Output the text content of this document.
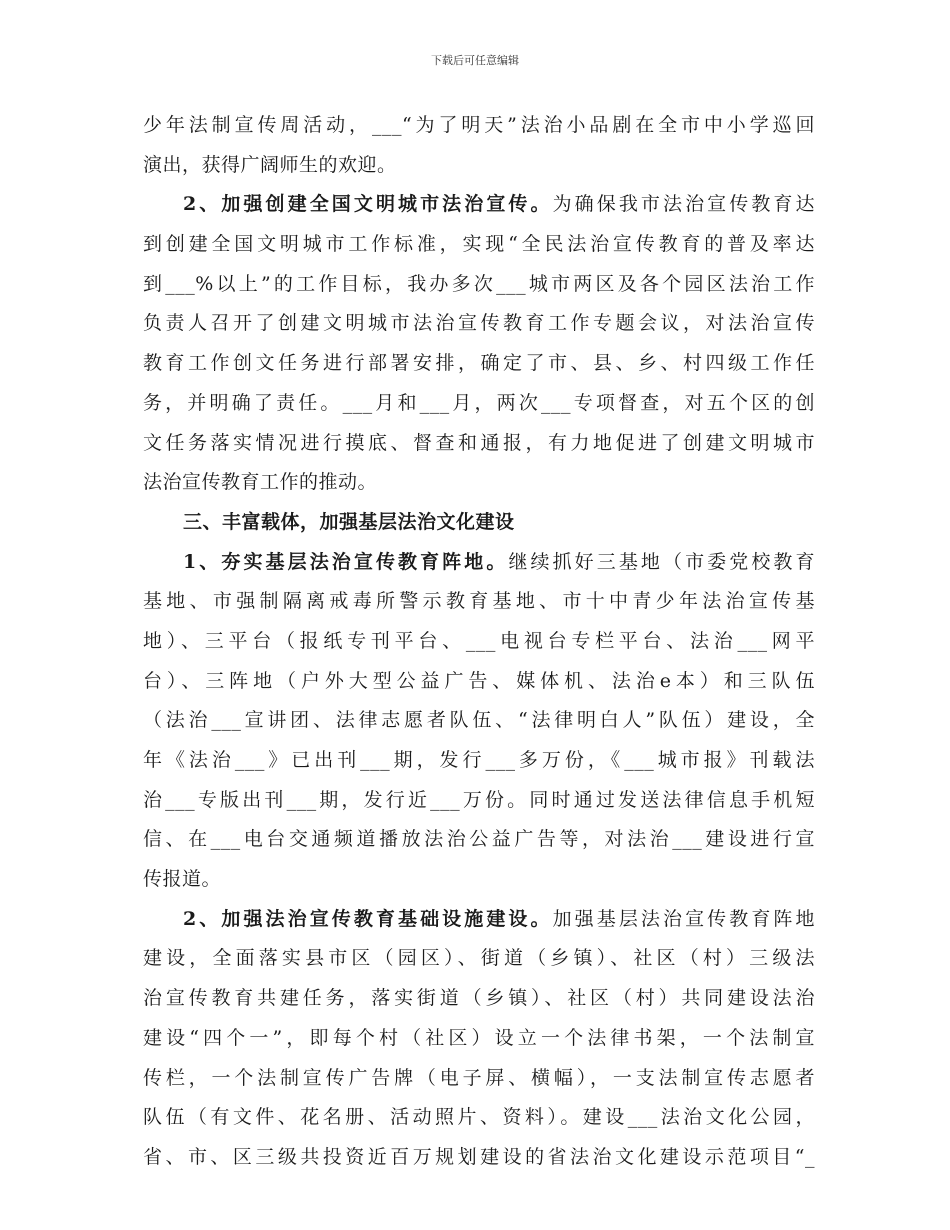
下载后可任意编辑
少年法制宣传周活动，___“为了明天”法治小品剧在全市中小学巡回
演出，获得广阔师生的欢迎。
2、加强创建全国文明城市法治宣传。为确保我市法治宣传教育达
到创建全国文明城市工作标准，实现“全民法治宣传教育的普及率达
到___%以上”的工作目标，我办多次___城市两区及各个园区法治工作
负责人召开了创建文明城市法治宣传教育工作专题会议，对法治宣传
教育工作创文任务进行部署安排，确定了市、县、乡、村四级工作任
务，并明确了责任。___月和___月，两次___专项督查，对五个区的创
文任务落实情况进行摸底、督查和通报，有力地促进了创建文明城市
法治宣传教育工作的推动。
三、丰富载体，加强基层法治文化建设
1、夯实基层法治宣传教育阵地。继续抓好三基地（市委党校教育
基地、市强制隔离戒毒所警示教育基地、市十中青少年法治宣传基
地）、三平台（报纸专刊平台、___电视台专栏平台、法治___网平
台）、三阵地（户外大型公益广告、媒体机、法治e本）和三队伍
（法治___宣讲团、法律志愿者队伍、“法律明白人”队伍）建设，全
年《法治___》已出刊___期，发行___多万份，《___城市报》刊载法
治___专版出刊___期，发行近___万份。同时通过发送法律信息手机短
信、在___电台交通频道播放法治公益广告等，对法治___建设进行宣
传报道。
2、加强法治宣传教育基础设施建设。加强基层法治宣传教育阵地
建设，全面落实县市区（园区）、街道（乡镇）、社区（村）三级法
治宣传教育共建任务，落实街道（乡镇）、社区（村）共同建设法治
建设“四个一”，即每个村（社区）设立一个法律书架，一个法制宣
传栏，一个法制宣传广告牌（电子屏、横幅），一支法制宣传志愿者
队伍（有文件、花名册、活动照片、资料）。建设___法治文化公园，
省、市、区三级共投资近百万规划建设的省法治文化建设示范项目“_
